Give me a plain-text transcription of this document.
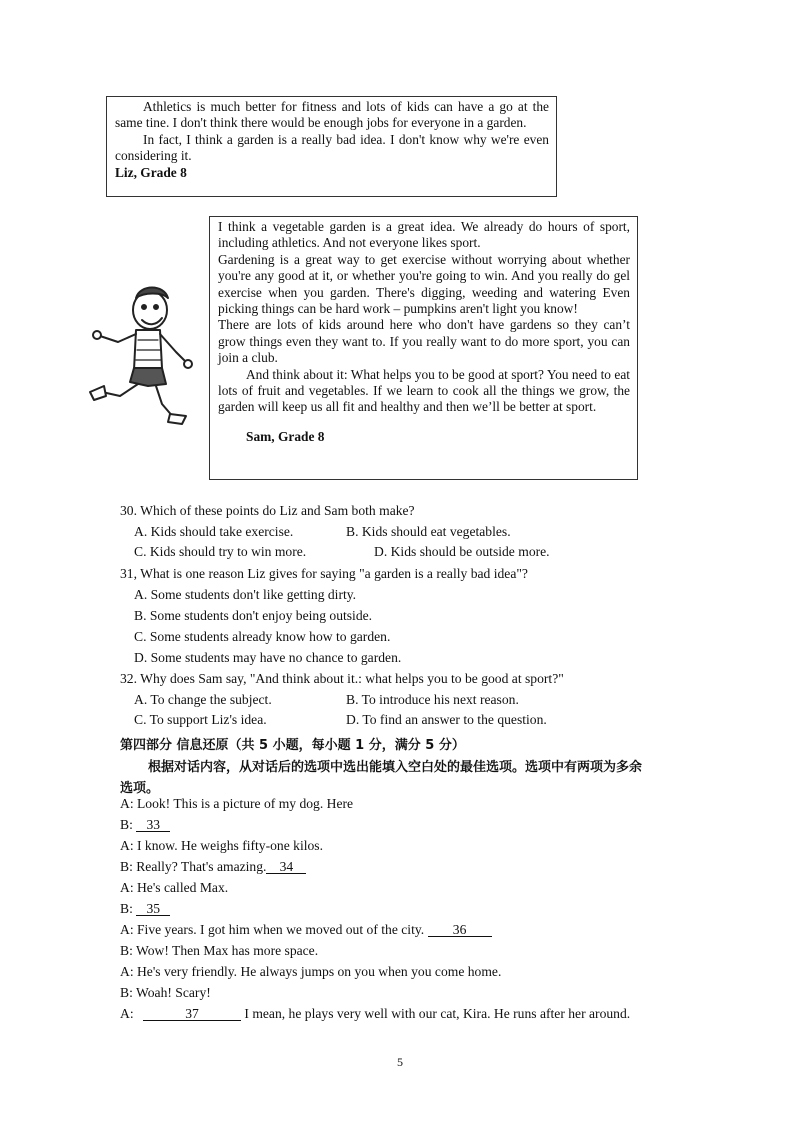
Athletics is much better for fitness and lots of kids can have a go at the same tine. I don't think there would be enough jobs for everyone in a garden.

In fact, I think a garden is a really bad idea. I don't know why we're even considering it.

Liz, Grade 8

I think a vegetable garden is a great idea. We already do hours of sport, including athletics. And not everyone likes sport.

Gardening is a great way to get exercise without worrying about whether you're any good at it, or whether you're going to win. And you really do gel exercise when you garden. There's digging, weeding and watering Even picking things can be hard work – pumpkins aren't light you know!

There are lots of kids around here who don't have gardens so they can’t grow things even they want to. If you really want to do more sport, you can join a club.

And think about it: What helps you to be good at sport? You need to eat lots of fruit and vegetables. If we learn to cook all the things we grow, the garden will keep us all fit and healthy and then we’ll be better at sport.

Sam, Grade 8

30. Which of these points do Liz and Sam both make?
A. Kids should take exercise.	B. Kids should eat vegetables.
C. Kids should try to win more.	D. Kids should be outside more.
31, What is one reason Liz gives for saying "a garden is a really bad idea"?
A. Some students don't like getting dirty.
B. Some students don't enjoy being outside.
C. Some students already know how to garden.
D. Some students may have no chance to garden.
32. Why does Sam say, "And think about it.: what helps you to be good at sport?"
A. To change the subject.	B. To introduce his next reason.
C. To support Liz's idea.	D. To find an answer to the question.
第四部分 信息还原（共 5 小题，每小题 1 分，满分 5 分）
根据对话内容，从对话后的选项中选出能填入空白处的最佳选项。选项中有两项为多余
选项。
A: Look! This is a picture of my dog. Here
B: 33
A: I know. He weighs fifty-one kilos.
B: Really? That's amazing. 34
A: He's called Max.
B: 35
A: Five years. I got him when we moved out of the city. 36
B: Wow! Then Max has more space.
A: He's very friendly. He always jumps on you when you come home.
B: Woah! Scary!
A:	37	I mean, he plays very well with our cat, Kira. He runs after her around.
5
